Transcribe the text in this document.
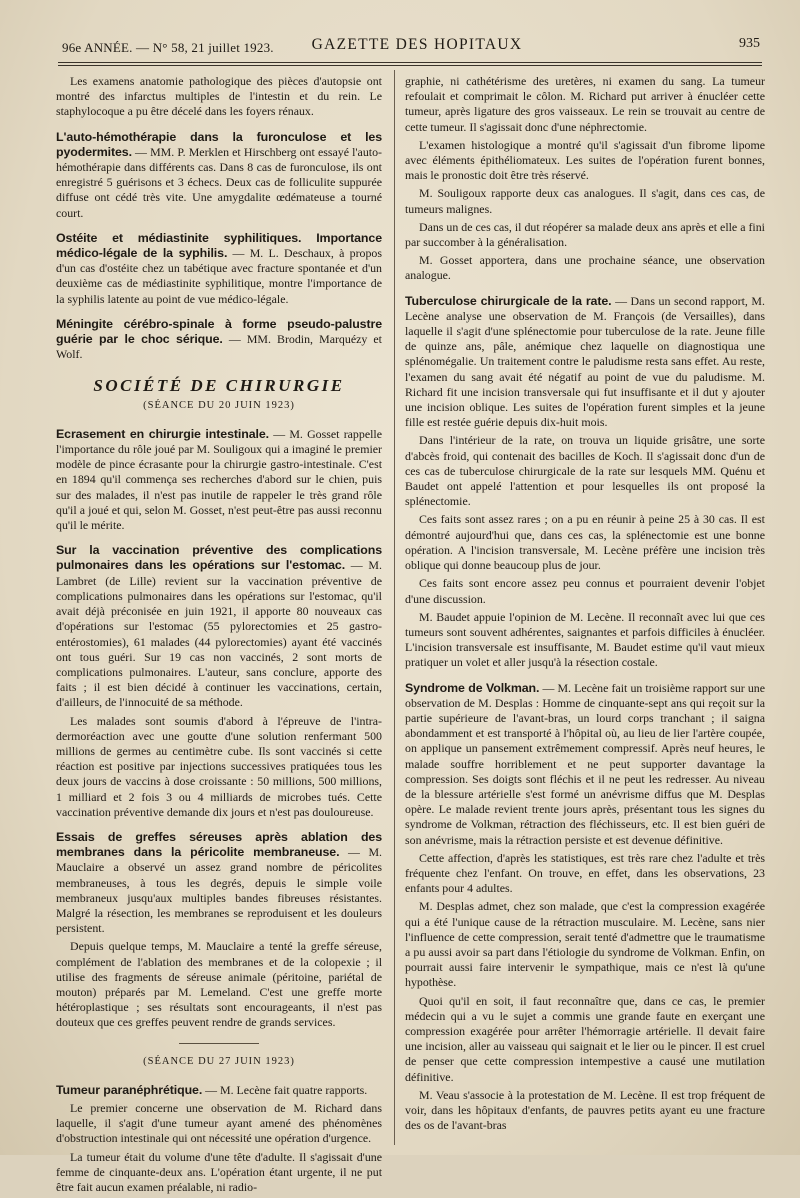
96e ANNÉE. — N° 58, 21 juillet 1923.	GAZETTE DES HOPITAUX	935

Les examens anatomie pathologique des pièces d'autopsie ont montré des infarctus multiples de l'intestin et du rein. Le staphylocoque a pu être décelé dans les foyers rénaux.

L'auto-hémothérapie dans la furonculose et les pyodermites. — MM. P. Merklen et Hirschberg ont essayé l'auto-hémothérapie dans différents cas. Dans 8 cas de furonculose, ils ont enregistré 5 guérisons et 3 échecs. Deux cas de folliculite suppurée diffuse ont cédé très vite. Une amygdalite œdémateuse a tourné court.

Ostéite et médiastinite syphilitiques. Importance médico-légale de la syphilis. — M. L. Deschaux, à propos d'un cas d'ostéite chez un tabétique avec fracture spontanée et d'un deuxième cas de médiastinite syphilitique, montre l'importance de la syphilis latente au point de vue médico-légale.

Méningite cérébro-spinale à forme pseudo-palustre guérie par le choc sérique. — MM. Brodin, Marquézy et Wolf.

SOCIÉTÉ DE CHIRURGIE
(SÉANCE DU 20 JUIN 1923)

Ecrasement en chirurgie intestinale. — M. Gosset rappelle l'importance du rôle joué par M. Souligoux qui a imaginé le premier modèle de pince écrasante pour la chirurgie gastro-intestinale. C'est en 1894 qu'il commença ses recherches d'abord sur le chien, puis sur des malades, il n'est pas inutile de rappeler le très grand rôle qu'il a joué et qui, selon M. Gosset, n'est peut-être pas aussi reconnu qu'il le mérite.

Sur la vaccination préventive des complications pulmonaires dans les opérations sur l'estomac. — M. Lambret (de Lille) revient sur la vaccination préventive de complications pulmonaires dans les opérations sur l'estomac, qu'il avait déjà préconisée en juin 1921, il apporte 80 nouveaux cas d'opérations sur l'estomac (55 pylorectomies et 25 gastro-entérostomies), 61 malades (44 pylorectomies) ayant été vaccinés ont tous guéri. Sur 19 cas non vaccinés, 2 sont morts de complications pulmonaires. L'auteur, sans conclure, apporte des faits ; il est bien décidé à continuer les vaccinations, certain, d'ailleurs, de l'innocuité de sa méthode.

Les malades sont soumis d'abord à l'épreuve de l'intra-dermoréaction avec une goutte d'une solution renfermant 500 millions de germes au centimètre cube. Ils sont vaccinés si cette réaction est positive par injections successives pratiquées tous les deux jours de vaccins à dose croissante : 50 millions, 500 millions, 1 milliard et 2 fois 3 ou 4 milliards de microbes tués. Cette vaccination préventive demande dix jours et n'est pas douloureuse.

Essais de greffes séreuses après ablation des membranes dans la péricolite membraneuse. — M. Mauclaire a observé un assez grand nombre de péricolites membraneuses, à tous les degrés, depuis le simple voile membraneux jusqu'aux multiples bandes fibreuses résistantes. Malgré la résection, les membranes se reproduisent et les douleurs persistent.

Depuis quelque temps, M. Mauclaire a tenté la greffe séreuse, complément de l'ablation des membranes et de la colopexie ; il utilise des fragments de séreuse animale (péritoine, pariétal de mouton) préparés par M. Lemeland. C'est une greffe morte hétéroplastique ; ses résultats sont encourageants, il n'est pas douteux que ces greffes peuvent rendre de grands services.

(SÉANCE DU 27 JUIN 1923)

Tumeur paranéphrétique. — M. Lecène fait quatre rapports.

Le premier concerne une observation de M. Richard dans laquelle, il s'agit d'une tumeur ayant amené des phénomènes d'obstruction intestinale qui ont nécessité une opération d'urgence.

La tumeur était du volume d'une tête d'adulte. Il s'agissait d'une femme de cinquante-deux ans. L'opération étant urgente, il ne put être fait aucun examen préalable, ni radio-

graphie, ni cathétérisme des uretères, ni examen du sang. La tumeur refoulait et comprimait le côlon. M. Richard put arriver à énucléer cette tumeur, après ligature des gros vaisseaux. Le rein se trouvait au centre de cette tumeur. Il s'agissait donc d'une néphrectomie.

L'examen histologique a montré qu'il s'agissait d'un fibrome lipome avec éléments épithéliomateux. Les suites de l'opération furent bonnes, mais le pronostic doit être très réservé.

M. Souligoux rapporte deux cas analogues. Il s'agit, dans ces cas, de tumeurs malignes.

Dans un de ces cas, il dut réopérer sa malade deux ans après et elle a fini par succomber à la généralisation.

M. Gosset apportera, dans une prochaine séance, une observation analogue.

Tuberculose chirurgicale de la rate. — Dans un second rapport, M. Lecène analyse une observation de M. François (de Versailles), dans laquelle il s'agit d'une splénectomie pour tuberculose de la rate. Jeune fille de quinze ans, pâle, anémique chez laquelle on diagnostiqua une splénomégalie. Un traitement contre le paludisme resta sans effet. Au reste, l'examen du sang avait été négatif au point de vue du paludisme. M. Richard fit une incision transversale qui fut insuffisante et il dut y ajouter une incision oblique. Les suites de l'opération furent simples et la jeune fille est restée guérie depuis dix-huit mois.

Dans l'intérieur de la rate, on trouva un liquide grisâtre, une sorte d'abcès froid, qui contenait des bacilles de Koch. Il s'agissait donc d'un de ces cas de tuberculose chirurgicale de la rate sur lesquels MM. Quénu et Baudet ont appelé l'attention et pour lesquelles ils ont proposé la splénectomie.

Ces faits sont assez rares ; on a pu en réunir à peine 25 à 30 cas. Il est démontré aujourd'hui que, dans ces cas, la splénectomie est une bonne opération. A l'incision transversale, M. Lecène préfère une incision très oblique qui donne beaucoup plus de jour.

Ces faits sont encore assez peu connus et pourraient devenir l'objet d'une discussion.

M. Baudet appuie l'opinion de M. Lecène. Il reconnaît avec lui que ces tumeurs sont souvent adhérentes, saignantes et parfois difficiles à énucléer. L'incision transversale est insuffisante, M. Baudet estime qu'il vaut mieux pratiquer un volet et aller jusqu'à la résection costale.

Syndrome de Volkman. — M. Lecène fait un troisième rapport sur une observation de M. Desplas : Homme de cinquante-sept ans qui reçoit sur la partie supérieure de l'avant-bras, un lourd corps tranchant ; il saigna abondamment et est transporté à l'hôpital où, au lieu de lier l'artère coupée, on applique un pansement extrêmement compressif. Après neuf heures, le malade souffre horriblement et ne peut supporter davantage la compression. Ses doigts sont fléchis et il ne peut les redresser. Au niveau de la blessure artérielle s'est formé un anévrisme diffus que M. Desplas opère. Le malade revient trente jours après, présentant tous les signes du syndrome de Volkman, rétraction des fléchisseurs, etc. Il est bien guéri de son anévrisme, mais la rétraction persiste et est devenue définitive.

Cette affection, d'après les statistiques, est très rare chez l'adulte et très fréquente chez l'enfant. On trouve, en effet, dans les observations, 23 enfants pour 4 adultes.

M. Desplas admet, chez son malade, que c'est la compression exagérée qui a été l'unique cause de la rétraction musculaire. M. Lecène, sans nier l'influence de cette compression, serait tenté d'admettre que le traumatisme a pu aussi avoir sa part dans l'étiologie du syndrome de Volkman. Enfin, on pourrait aussi faire intervenir le sympathique, mais ce n'est là qu'une hypothèse.

Quoi qu'il en soit, il faut reconnaître que, dans ce cas, le premier médecin qui a vu le sujet a commis une grande faute en exerçant une compression exagérée pour arrêter l'hémorragie artérielle. Il devait faire une incision, aller au vaisseau qui saignait et le lier ou le pincer. Il est cruel de penser que cette compression intempestive a causé une mutilation définitive.

M. Veau s'associe à la protestation de M. Lecène. Il est trop fréquent de voir, dans les hôpitaux d'enfants, de pauvres petits ayant eu une fracture des os de l'avant-bras
